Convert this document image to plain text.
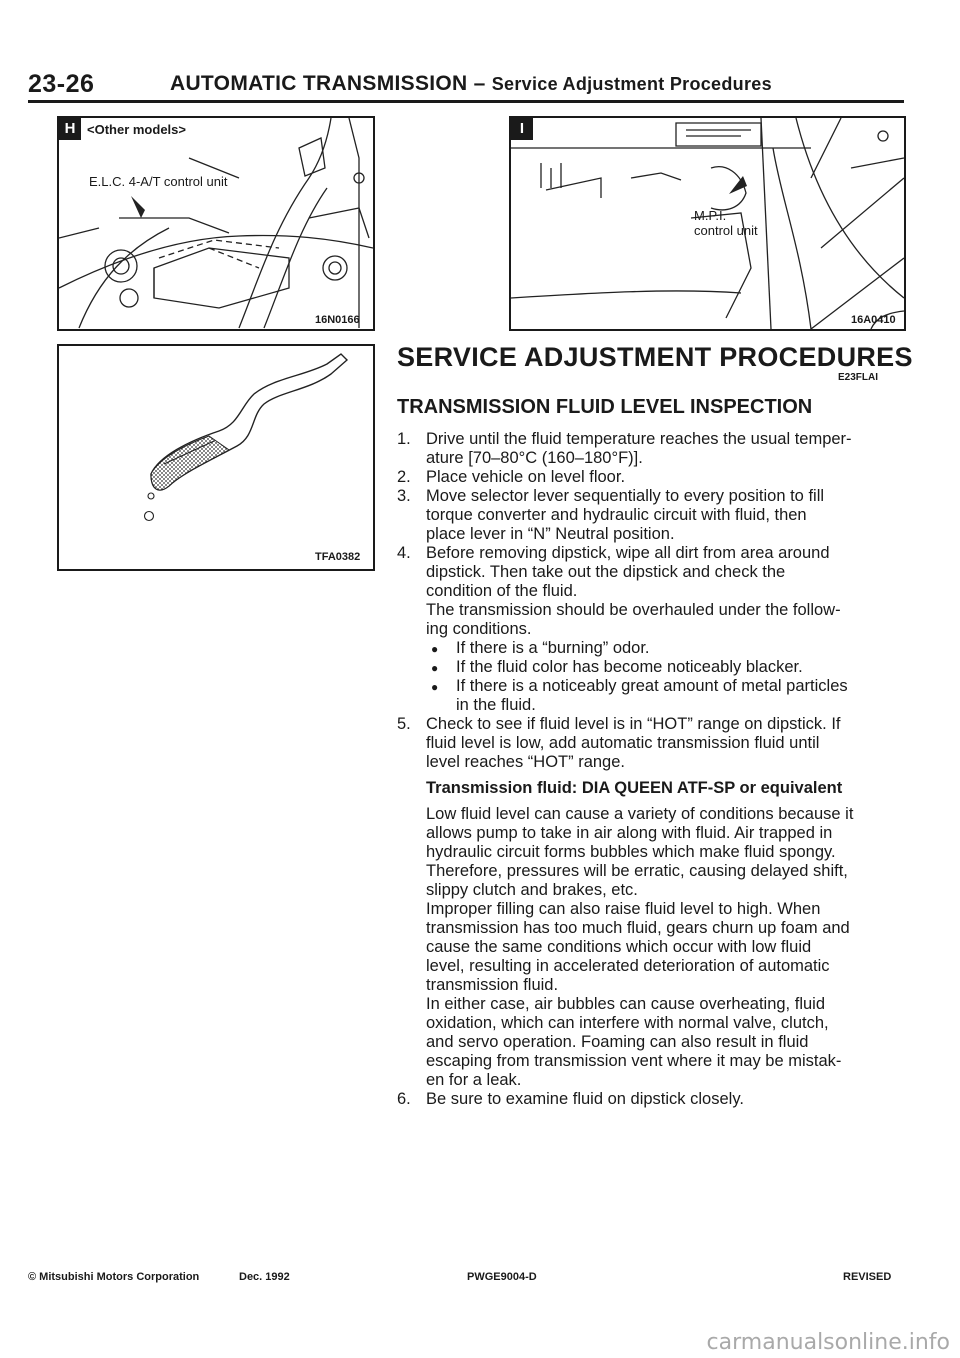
23-26	AUTOMATIC TRANSMISSION – Service Adjustment Procedures
H <Other models>
E.L.C. 4-A/T control unit
16N0166
I
M.P.I.
control unit
16A0410
TFA0382
SERVICE ADJUSTMENT PROCEDURES
E23FLAI
TRANSMISSION FLUID LEVEL INSPECTION
1. Drive until the fluid temperature reaches the usual temper-
ature [70–80°C (160–180°F)].
2. Place vehicle on level floor.
3. Move selector lever sequentially to every position to fill
torque converter and hydraulic circuit with fluid, then
place lever in “N” Neutral position.
4. Before removing dipstick, wipe all dirt from area around
dipstick. Then take out the dipstick and check the
condition of the fluid.
The transmission should be overhauled under the follow-
ing conditions.
● If there is a “burning” odor.
● If the fluid color has become noticeably blacker.
● If there is a noticeably great amount of metal particles
in the fluid.
5. Check to see if fluid level is in “HOT” range on dipstick. If
fluid level is low, add automatic transmission fluid until
level reaches “HOT” range.
Transmission fluid: DIA QUEEN ATF-SP or equivalent
Low fluid level can cause a variety of conditions because it
allows pump to take in air along with fluid. Air trapped in
hydraulic circuit forms bubbles which make fluid spongy.
Therefore, pressures will be erratic, causing delayed shift,
slippy clutch and brakes, etc.
Improper filling can also raise fluid level to high. When
transmission has too much fluid, gears churn up foam and
cause the same conditions which occur with low fluid
level, resulting in accelerated deterioration of automatic
transmission fluid.
In either case, air bubbles can cause overheating, fluid
oxidation, which can interfere with normal valve, clutch,
and servo operation. Foaming can also result in fluid
escaping from transmission vent where it may be mistak-
en for a leak.
6. Be sure to examine fluid on dipstick closely.
© Mitsubishi Motors Corporation	Dec. 1992	PWGE9004-D	REVISED
carmanualsonline.info
